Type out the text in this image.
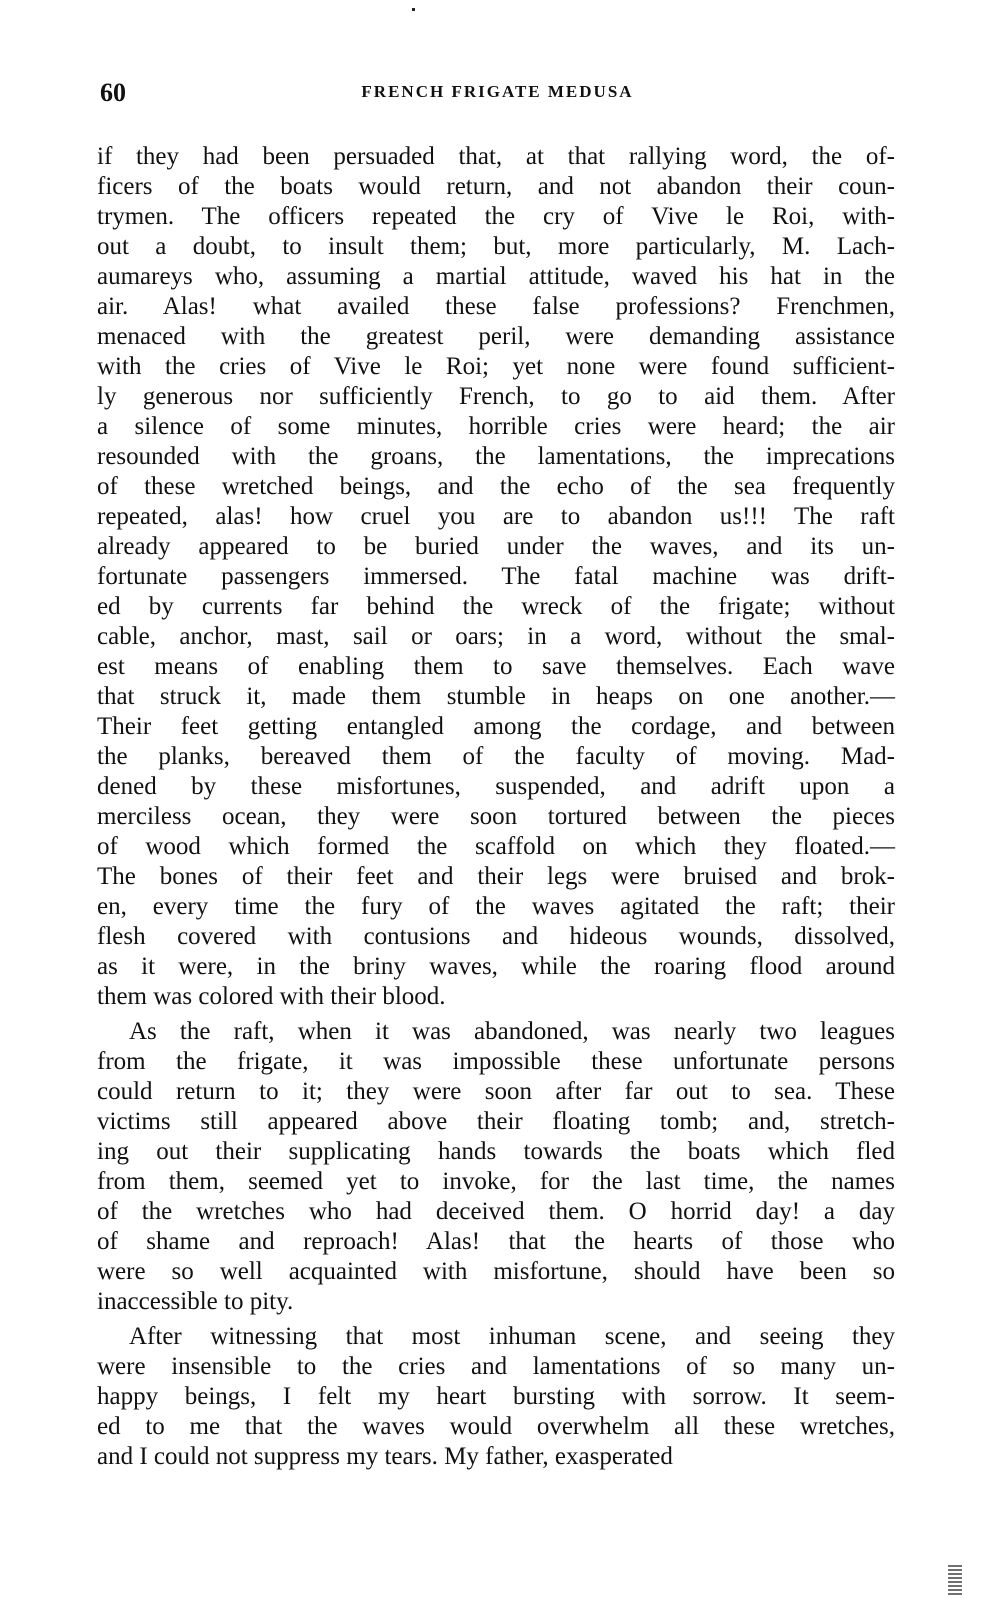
60	FRENCH FRIGATE MEDUSA
if they had been persuaded that, at that rallying word, the of-
ficers of the boats would return, and not abandon their coun-
trymen. The officers repeated the cry of Vive le Roi, with-
out a doubt, to insult them; but, more particularly, M. Lach-
aumareys who, assuming a martial attitude, waved his hat in the
air. Alas! what availed these false professions? Frenchmen,
menaced with the greatest peril, were demanding assistance
with the cries of Vive le Roi; yet none were found sufficient-
ly generous nor sufficiently French, to go to aid them. After
a silence of some minutes, horrible cries were heard; the air
resounded with the groans, the lamentations, the imprecations
of these wretched beings, and the echo of the sea frequently
repeated, alas! how cruel you are to abandon us!!! The raft
already appeared to be buried under the waves, and its un-
fortunate passengers immersed. The fatal machine was drift-
ed by currents far behind the wreck of the frigate; without
cable, anchor, mast, sail or oars; in a word, without the smal-
est means of enabling them to save themselves. Each wave
that struck it, made them stumble in heaps on one another.—
Their feet getting entangled among the cordage, and between
the planks, bereaved them of the faculty of moving. Mad-
dened by these misfortunes, suspended, and adrift upon a
merciless ocean, they were soon tortured between the pieces
of wood which formed the scaffold on which they floated.—
The bones of their feet and their legs were bruised and brok-
en, every time the fury of the waves agitated the raft; their
flesh covered with contusions and hideous wounds, dissolved,
as it were, in the briny waves, while the roaring flood around
them was colored with their blood.
As the raft, when it was abandoned, was nearly two leagues
from the frigate, it was impossible these unfortunate persons
could return to it; they were soon after far out to sea. These
victims still appeared above their floating tomb; and, stretch-
ing out their supplicating hands towards the boats which fled
from them, seemed yet to invoke, for the last time, the names
of the wretches who had deceived them. O horrid day! a day
of shame and reproach! Alas! that the hearts of those who
were so well acquainted with misfortune, should have been so
inaccessible to pity.
After witnessing that most inhuman scene, and seeing they
were insensible to the cries and lamentations of so many un-
happy beings, I felt my heart bursting with sorrow. It seem-
ed to me that the waves would overwhelm all these wretches,
and I could not suppress my tears. My father, exasperated
